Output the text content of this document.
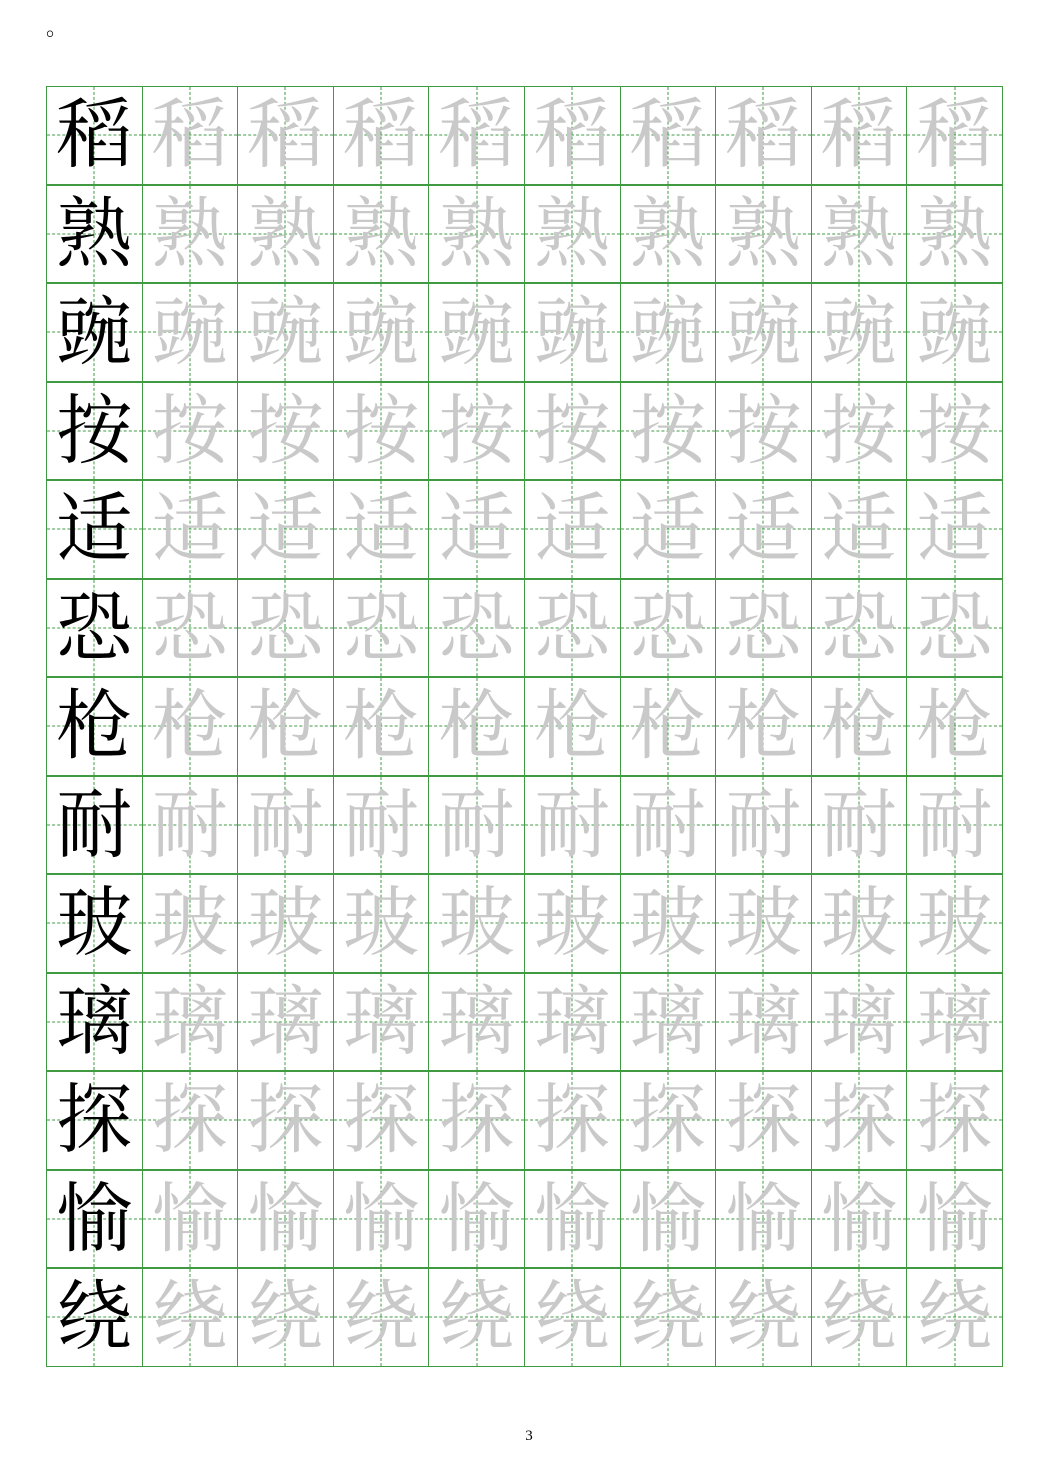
。
稻 稻 稻 稻 稻 稻 稻 稻 稻 稻
熟 熟 熟 熟 熟 熟 熟 熟 熟 熟
豌 豌 豌 豌 豌 豌 豌 豌 豌 豌
按 按 按 按 按 按 按 按 按 按
适 适 适 适 适 适 适 适 适 适
恐 恐 恐 恐 恐 恐 恐 恐 恐 恐
枪 枪 枪 枪 枪 枪 枪 枪 枪 枪
耐 耐 耐 耐 耐 耐 耐 耐 耐 耐
玻 玻 玻 玻 玻 玻 玻 玻 玻 玻
璃 璃 璃 璃 璃 璃 璃 璃 璃 璃
探 探 探 探 探 探 探 探 探 探
愉 愉 愉 愉 愉 愉 愉 愉 愉 愉
绕 绕 绕 绕 绕 绕 绕 绕 绕 绕
3
